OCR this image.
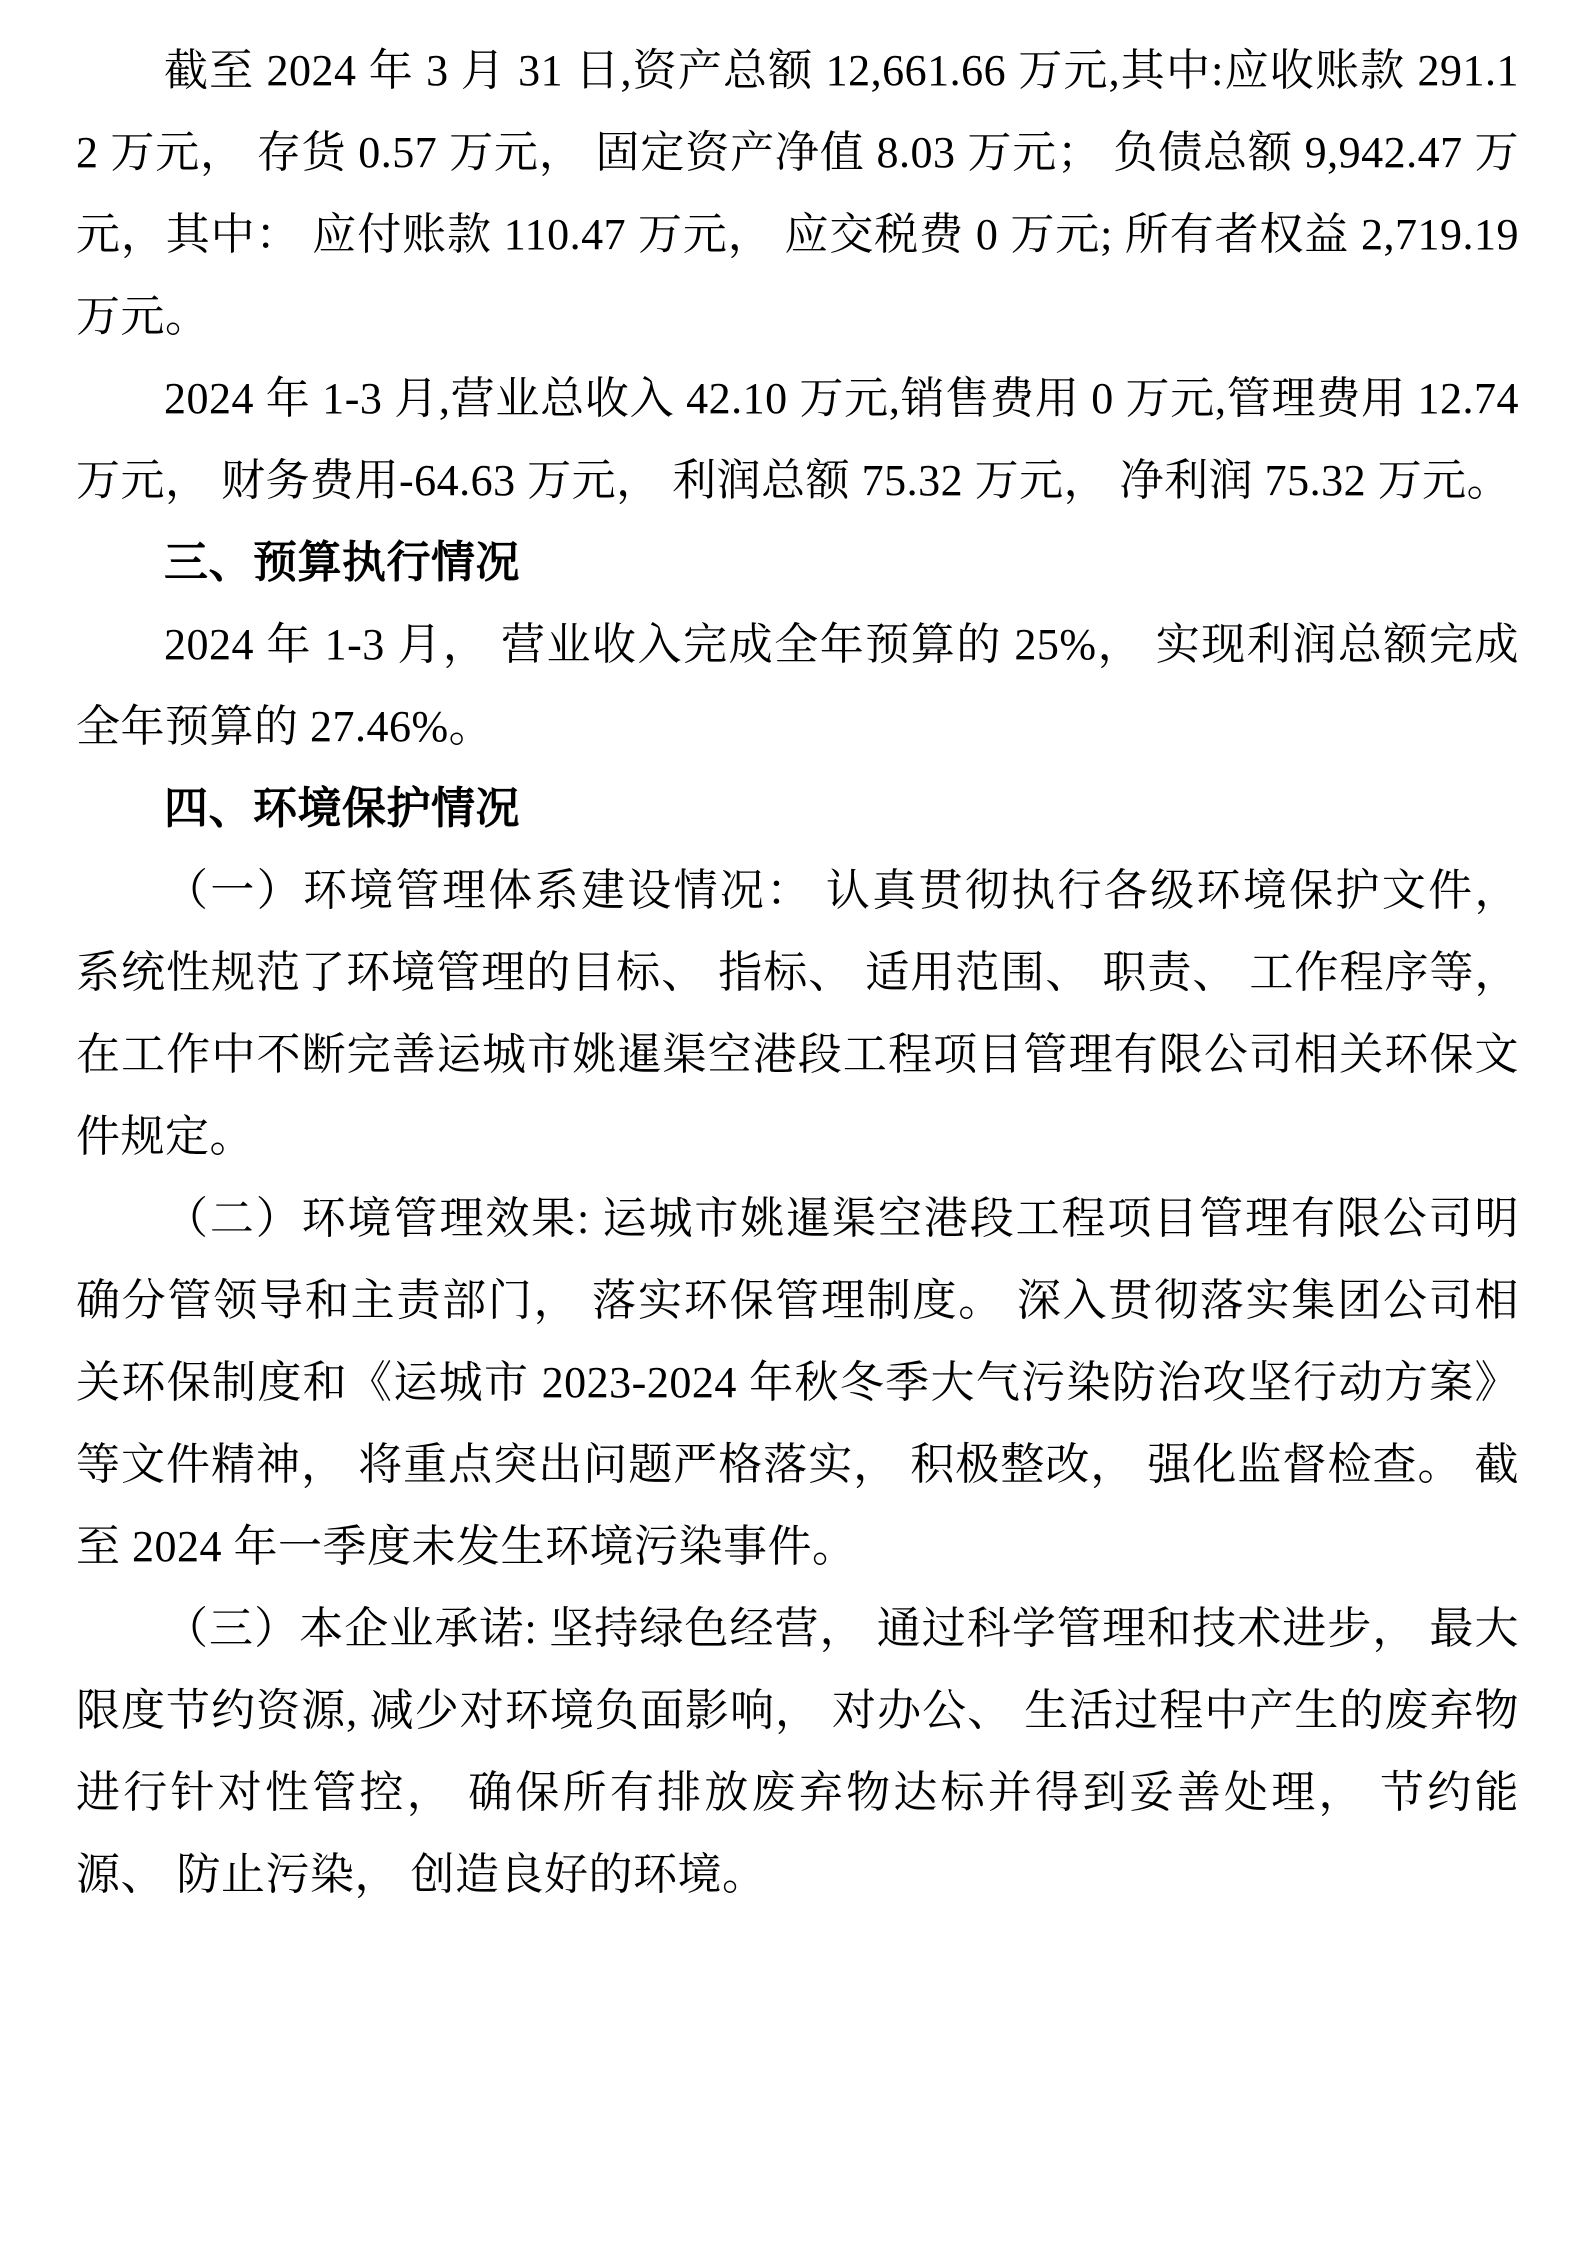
截至 2024 年 3 月 31 日,资产总额 12,661.66 万元,其中:应收账款 291.12 万元， 存货 0.57 万元， 固定资产净值 8.03 万元； 负债总额 9,942.47 万元，其中： 应付账款 110.47 万元， 应交税费 0 万元; 所有者权益 2,719.19 万元。

2024 年 1-3 月,营业总收入 42.10 万元,销售费用 0 万元,管理费用 12.74 万元， 财务费用-64.63 万元， 利润总额 75.32 万元， 净利润 75.32 万元。

三、预算执行情况

2024 年 1-3 月， 营业收入完成全年预算的 25%， 实现利润总额完成全年预算的 27.46%。

四、环境保护情况

（一）环境管理体系建设情况： 认真贯彻执行各级环境保护文件， 系统性规范了环境管理的目标、 指标、 适用范围、 职责、 工作程序等， 在工作中不断完善运城市姚暹渠空港段工程项目管理有限公司相关环保文件规定。

（二）环境管理效果: 运城市姚暹渠空港段工程项目管理有限公司明确分管领导和主责部门， 落实环保管理制度。 深入贯彻落实集团公司相关环保制度和《运城市 2023-2024 年秋冬季大气污染防治攻坚行动方案》等文件精神， 将重点突出问题严格落实， 积极整改， 强化监督检查。 截至 2024 年一季度未发生环境污染事件。

（三）本企业承诺: 坚持绿色经营， 通过科学管理和技术进步， 最大限度节约资源, 减少对环境负面影响， 对办公、 生活过程中产生的废弃物进行针对性管控， 确保所有排放废弃物达标并得到妥善处理， 节约能源、 防止污染， 创造良好的环境。
